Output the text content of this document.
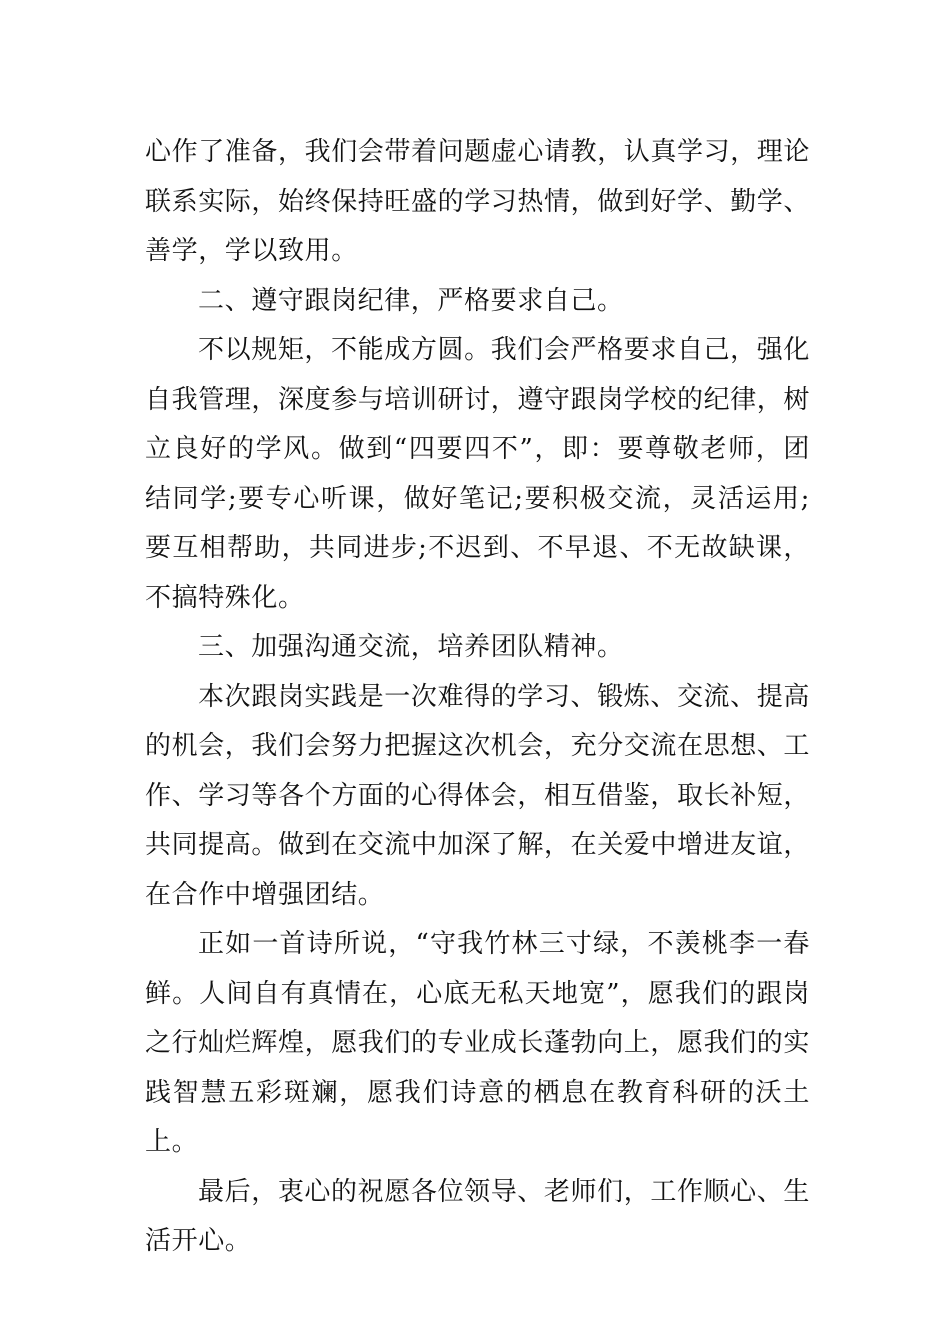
心作了准备，我们会带着问题虚心请教，认真学习，理论联系实际，始终保持旺盛的学习热情，做到好学、勤学、善学，学以致用。

二、遵守跟岗纪律，严格要求自己。

不以规矩，不能成方圆。我们会严格要求自己，强化自我管理，深度参与培训研讨，遵守跟岗学校的纪律，树立良好的学风。做到“四要四不”，即：要尊敬老师，团结同学;要专心听课，做好笔记;要积极交流，灵活运用;要互相帮助，共同进步;不迟到、不早退、不无故缺课，不搞特殊化。

三、加强沟通交流，培养团队精神。

本次跟岗实践是一次难得的学习、锻炼、交流、提高的机会，我们会努力把握这次机会，充分交流在思想、工作、学习等各个方面的心得体会，相互借鉴，取长补短，共同提高。做到在交流中加深了解，在关爱中增进友谊，在合作中增强团结。

正如一首诗所说，“守我竹林三寸绿，不羡桃李一春鲜。人间自有真情在，心底无私天地宽”，愿我们的跟岗之行灿烂辉煌，愿我们的专业成长蓬勃向上，愿我们的实践智慧五彩斑斓，愿我们诗意的栖息在教育科研的沃土上。

最后，衷心的祝愿各位领导、老师们，工作顺心、生活开心。
